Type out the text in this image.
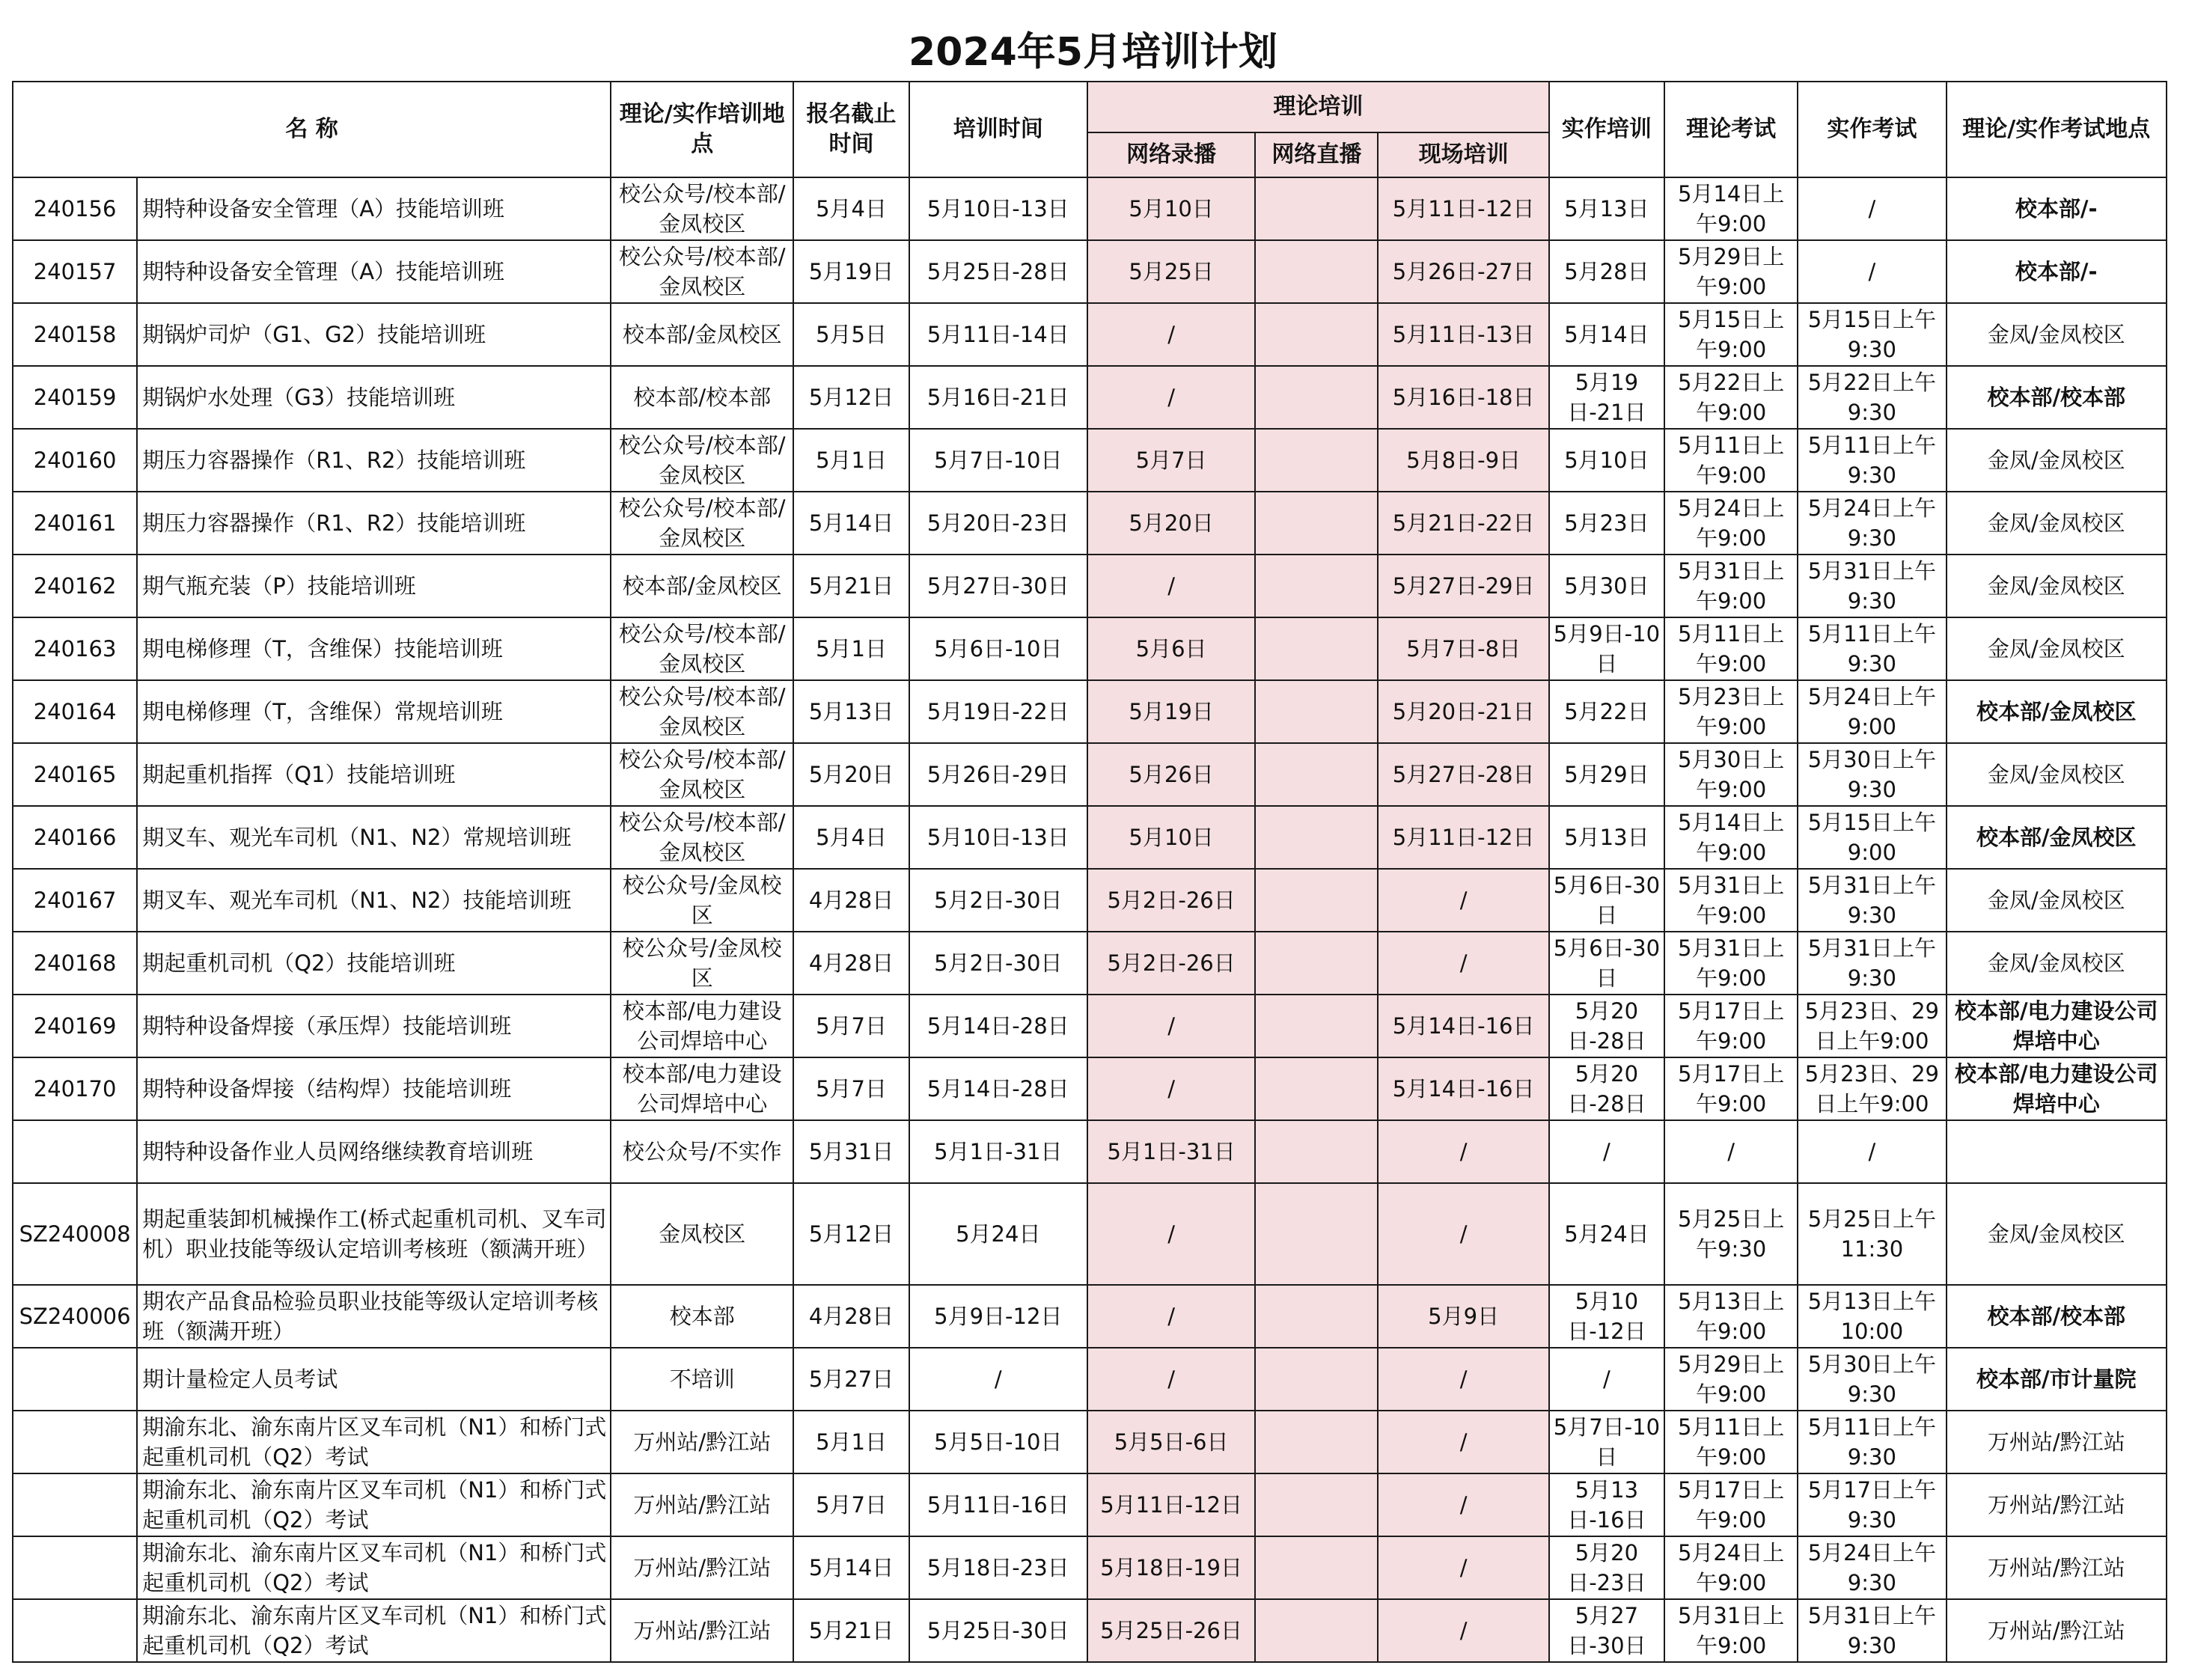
2024年5月培训计划
名 称		理论/实作培训地点	报名截止时间	培训时间	理论培训			实作培训	理论考试	实作考试	理论/实作考试地点
					网络录播	网络直播	现场培训				
240156	期特种设备安全管理（A）技能培训班	校公众号/校本部/金凤校区	5月4日	5月10日-13日	5月10日		5月11日-12日	5月13日	5月14日上午9:00	/	校本部/-
240157	期特种设备安全管理（A）技能培训班	校公众号/校本部/金凤校区	5月19日	5月25日-28日	5月25日		5月26日-27日	5月28日	5月29日上午9:00	/	校本部/-
240158	期锅炉司炉（G1、G2）技能培训班	校本部/金凤校区	5月5日	5月11日-14日	/		5月11日-13日	5月14日	5月15日上午9:00	5月15日上午9:30	金凤/金凤校区
240159	期锅炉水处理（G3）技能培训班	校本部/校本部	5月12日	5月16日-21日	/		5月16日-18日	5月19日-21日	5月22日上午9:00	5月22日上午9:30	校本部/校本部
240160	期压力容器操作（R1、R2）技能培训班	校公众号/校本部/金凤校区	5月1日	5月7日-10日	5月7日		5月8日-9日	5月10日	5月11日上午9:00	5月11日上午9:30	金凤/金凤校区
240161	期压力容器操作（R1、R2）技能培训班	校公众号/校本部/金凤校区	5月14日	5月20日-23日	5月20日		5月21日-22日	5月23日	5月24日上午9:00	5月24日上午9:30	金凤/金凤校区
240162	期气瓶充装（P）技能培训班	校本部/金凤校区	5月21日	5月27日-30日	/		5月27日-29日	5月30日	5月31日上午9:00	5月31日上午9:30	金凤/金凤校区
240163	期电梯修理（T，含维保）技能培训班	校公众号/校本部/金凤校区	5月1日	5月6日-10日	5月6日		5月7日-8日	5月9日-10日	5月11日上午9:00	5月11日上午9:30	金凤/金凤校区
240164	期电梯修理（T，含维保）常规培训班	校公众号/校本部/金凤校区	5月13日	5月19日-22日	5月19日		5月20日-21日	5月22日	5月23日上午9:00	5月24日上午9:00	校本部/金凤校区
240165	期起重机指挥（Q1）技能培训班	校公众号/校本部/金凤校区	5月20日	5月26日-29日	5月26日		5月27日-28日	5月29日	5月30日上午9:00	5月30日上午9:30	金凤/金凤校区
240166	期叉车、观光车司机（N1、N2）常规培训班	校公众号/校本部/金凤校区	5月4日	5月10日-13日	5月10日		5月11日-12日	5月13日	5月14日上午9:00	5月15日上午9:00	校本部/金凤校区
240167	期叉车、观光车司机（N1、N2）技能培训班	校公众号/金凤校区	4月28日	5月2日-30日	5月2日-26日		/	5月6日-30日	5月31日上午9:00	5月31日上午9:30	金凤/金凤校区
240168	期起重机司机（Q2）技能培训班	校公众号/金凤校区	4月28日	5月2日-30日	5月2日-26日		/	5月6日-30日	5月31日上午9:00	5月31日上午9:30	金凤/金凤校区
240169	期特种设备焊接（承压焊）技能培训班	校本部/电力建设公司焊培中心	5月7日	5月14日-28日	/		5月14日-16日	5月20日-28日	5月17日上午9:00	5月23日、29日上午9:00	校本部/电力建设公司焊培中心
240170	期特种设备焊接（结构焊）技能培训班	校本部/电力建设公司焊培中心	5月7日	5月14日-28日	/		5月14日-16日	5月20日-28日	5月17日上午9:00	5月23日、29日上午9:00	校本部/电力建设公司焊培中心
	期特种设备作业人员网络继续教育培训班	校公众号/不实作	5月31日	5月1日-31日	5月1日-31日		/	/	/	/	
SZ240008	期起重装卸机械操作工(桥式起重机司机、叉车司机）职业技能等级认定培训考核班（额满开班）	金凤校区	5月12日	5月24日	/		/	5月24日	5月25日上午9:30	5月25日上午11:30	金凤/金凤校区
SZ240006	期农产品食品检验员职业技能等级认定培训考核班（额满开班）	校本部	4月28日	5月9日-12日	/		5月9日	5月10日-12日	5月13日上午9:00	5月13日上午10:00	校本部/校本部
	期计量检定人员考试	不培训	5月27日	/	/		/	/	5月29日上午9:00	5月30日上午9:30	校本部/市计量院
	期渝东北、渝东南片区叉车司机（N1）和桥门式起重机司机（Q2）考试	万州站/黔江站	5月1日	5月5日-10日	5月5日-6日		/	5月7日-10日	5月11日上午9:00	5月11日上午9:30	万州站/黔江站
	期渝东北、渝东南片区叉车司机（N1）和桥门式起重机司机（Q2）考试	万州站/黔江站	5月7日	5月11日-16日	5月11日-12日		/	5月13日-16日	5月17日上午9:00	5月17日上午9:30	万州站/黔江站
	期渝东北、渝东南片区叉车司机（N1）和桥门式起重机司机（Q2）考试	万州站/黔江站	5月14日	5月18日-23日	5月18日-19日		/	5月20日-23日	5月24日上午9:00	5月24日上午9:30	万州站/黔江站
	期渝东北、渝东南片区叉车司机（N1）和桥门式起重机司机（Q2）考试	万州站/黔江站	5月21日	5月25日-30日	5月25日-26日		/	5月27日-30日	5月31日上午9:00	5月31日上午9:30	万州站/黔江站
